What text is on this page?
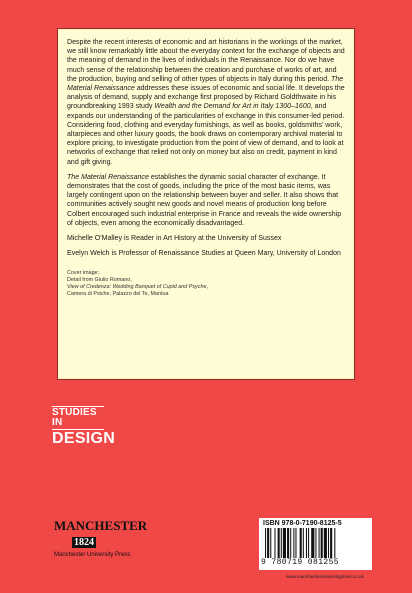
Despite the recent interests of economic and art historians in the workings of the market, we still know remarkably little about the everyday context for the exchange of objects and the meaning of demand in the lives of individuals in the Renaissance. Nor do we have much sense of the relationship between the creation and purchase of works of art, and the production, buying and selling of other types of objects in Italy during this period. The Material Renaissance addresses these issues of economic and social life. It develops the analysis of demand, supply and exchange first proposed by Richard Goldthwaite in his groundbreaking 1993 study Wealth and the Demand for Art in Italy 1300–1600, and expands our understanding of the particularities of exchange in this consumer-led period. Considering food, clothing and everyday furnishings, as well as books, goldsmiths' work, altarpieces and other luxury goods, the book draws on contemporary archival material to explore pricing, to investigate production from the point of view of demand, and to look at networks of exchange that relied not only on money but also on credit, payment in kind and gift giving.

The Material Renaissance establishes the dynamic social character of exchange. It demonstrates that the cost of goods, including the price of the most basic items, was largely contingent upon on the relationship between buyer and seller. It also shows that communities actively sought new goods and novel means of production long before Colbert encouraged such industrial enterprise in France and reveals the wide ownership of objects, even among the economically disadvantaged.

Michelle O'Malley is Reader in Art History at the University of Sussex

Evelyn Welch is Professor of Renaissance Studies at Queen Mary, University of London

Cover image:
Detail from Giulio Romano,
View of Credenza: Wedding Banquet of Cupid and Psyche,
Camera di Psiche, Palazzo del Te, Mantua
STUDIES IN
DESIGN
MANCHESTER
1824
Manchester University Press
ISBN 978-0-7190-8125-5
9 780719 081255
www.manchesteruniversitypress.co.uk
